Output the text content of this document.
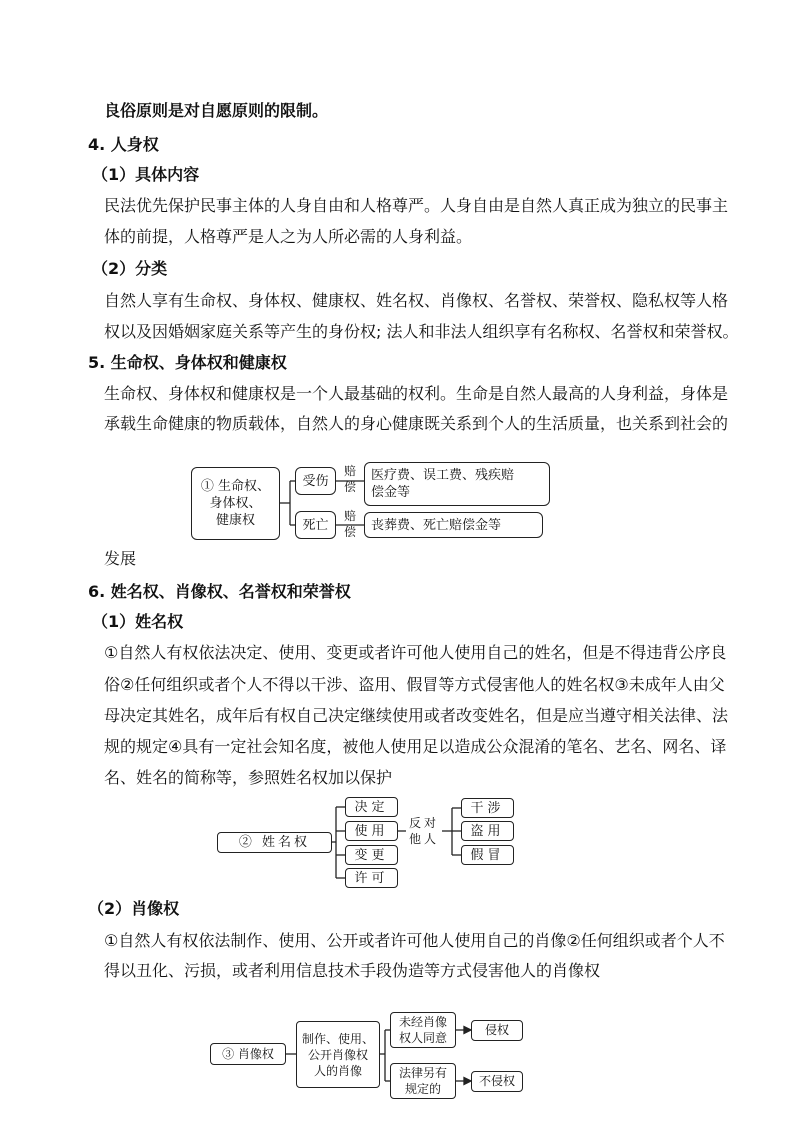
良俗原则是对自愿原则的限制。
4. 人身权
（1）具体内容
民法优先保护民事主体的人身自由和人格尊严。人身自由是自然人真正成为独立的民事主
体的前提，人格尊严是人之为人所必需的人身利益。
（2）分类
自然人享有生命权、身体权、健康权、姓名权、肖像权、名誉权、荣誉权、隐私权等人格
权以及因婚姻家庭关系等产生的身份权; 法人和非法人组织享有名称权、名誉权和荣誉权。
5. 生命权、身体权和健康权
生命权、身体权和健康权是一个人最基础的权利。生命是自然人最高的人身利益，身体是
承载生命健康的物质载体，自然人的身心健康既关系到个人的生活质量，也关系到社会的
① 生命权、
身体权、
健康权
受伤
死亡
赔
偿
赔
偿
医疗费、误工费、残疾赔
偿金等
丧葬费、死亡赔偿金等
发展
6. 姓名权、肖像权、名誉权和荣誉权
（1）姓名权
①自然人有权依法决定、使用、变更或者许可他人使用自己的姓名，但是不得违背公序良
俗②任何组织或者个人不得以干涉、盗用、假冒等方式侵害他人的姓名权③未成年人由父
母决定其姓名，成年后有权自己决定继续使用或者改变姓名，但是应当遵守相关法律、法
规的规定④具有一定社会知名度，被他人使用足以造成公众混淆的笔名、艺名、网名、译
名、姓名的简称等，参照姓名权加以保护
② 姓名权
决定
使用
变更
许可
反对
他人
干涉
盗用
假冒
（2）肖像权
①自然人有权依法制作、使用、公开或者许可他人使用自己的肖像②任何组织或者个人不
得以丑化、污损，或者利用信息技术手段伪造等方式侵害他人的肖像权
③ 肖像权
制作、使用、
公开肖像权
人的肖像
未经肖像
权人同意
法律另有
规定的
侵权
不侵权
